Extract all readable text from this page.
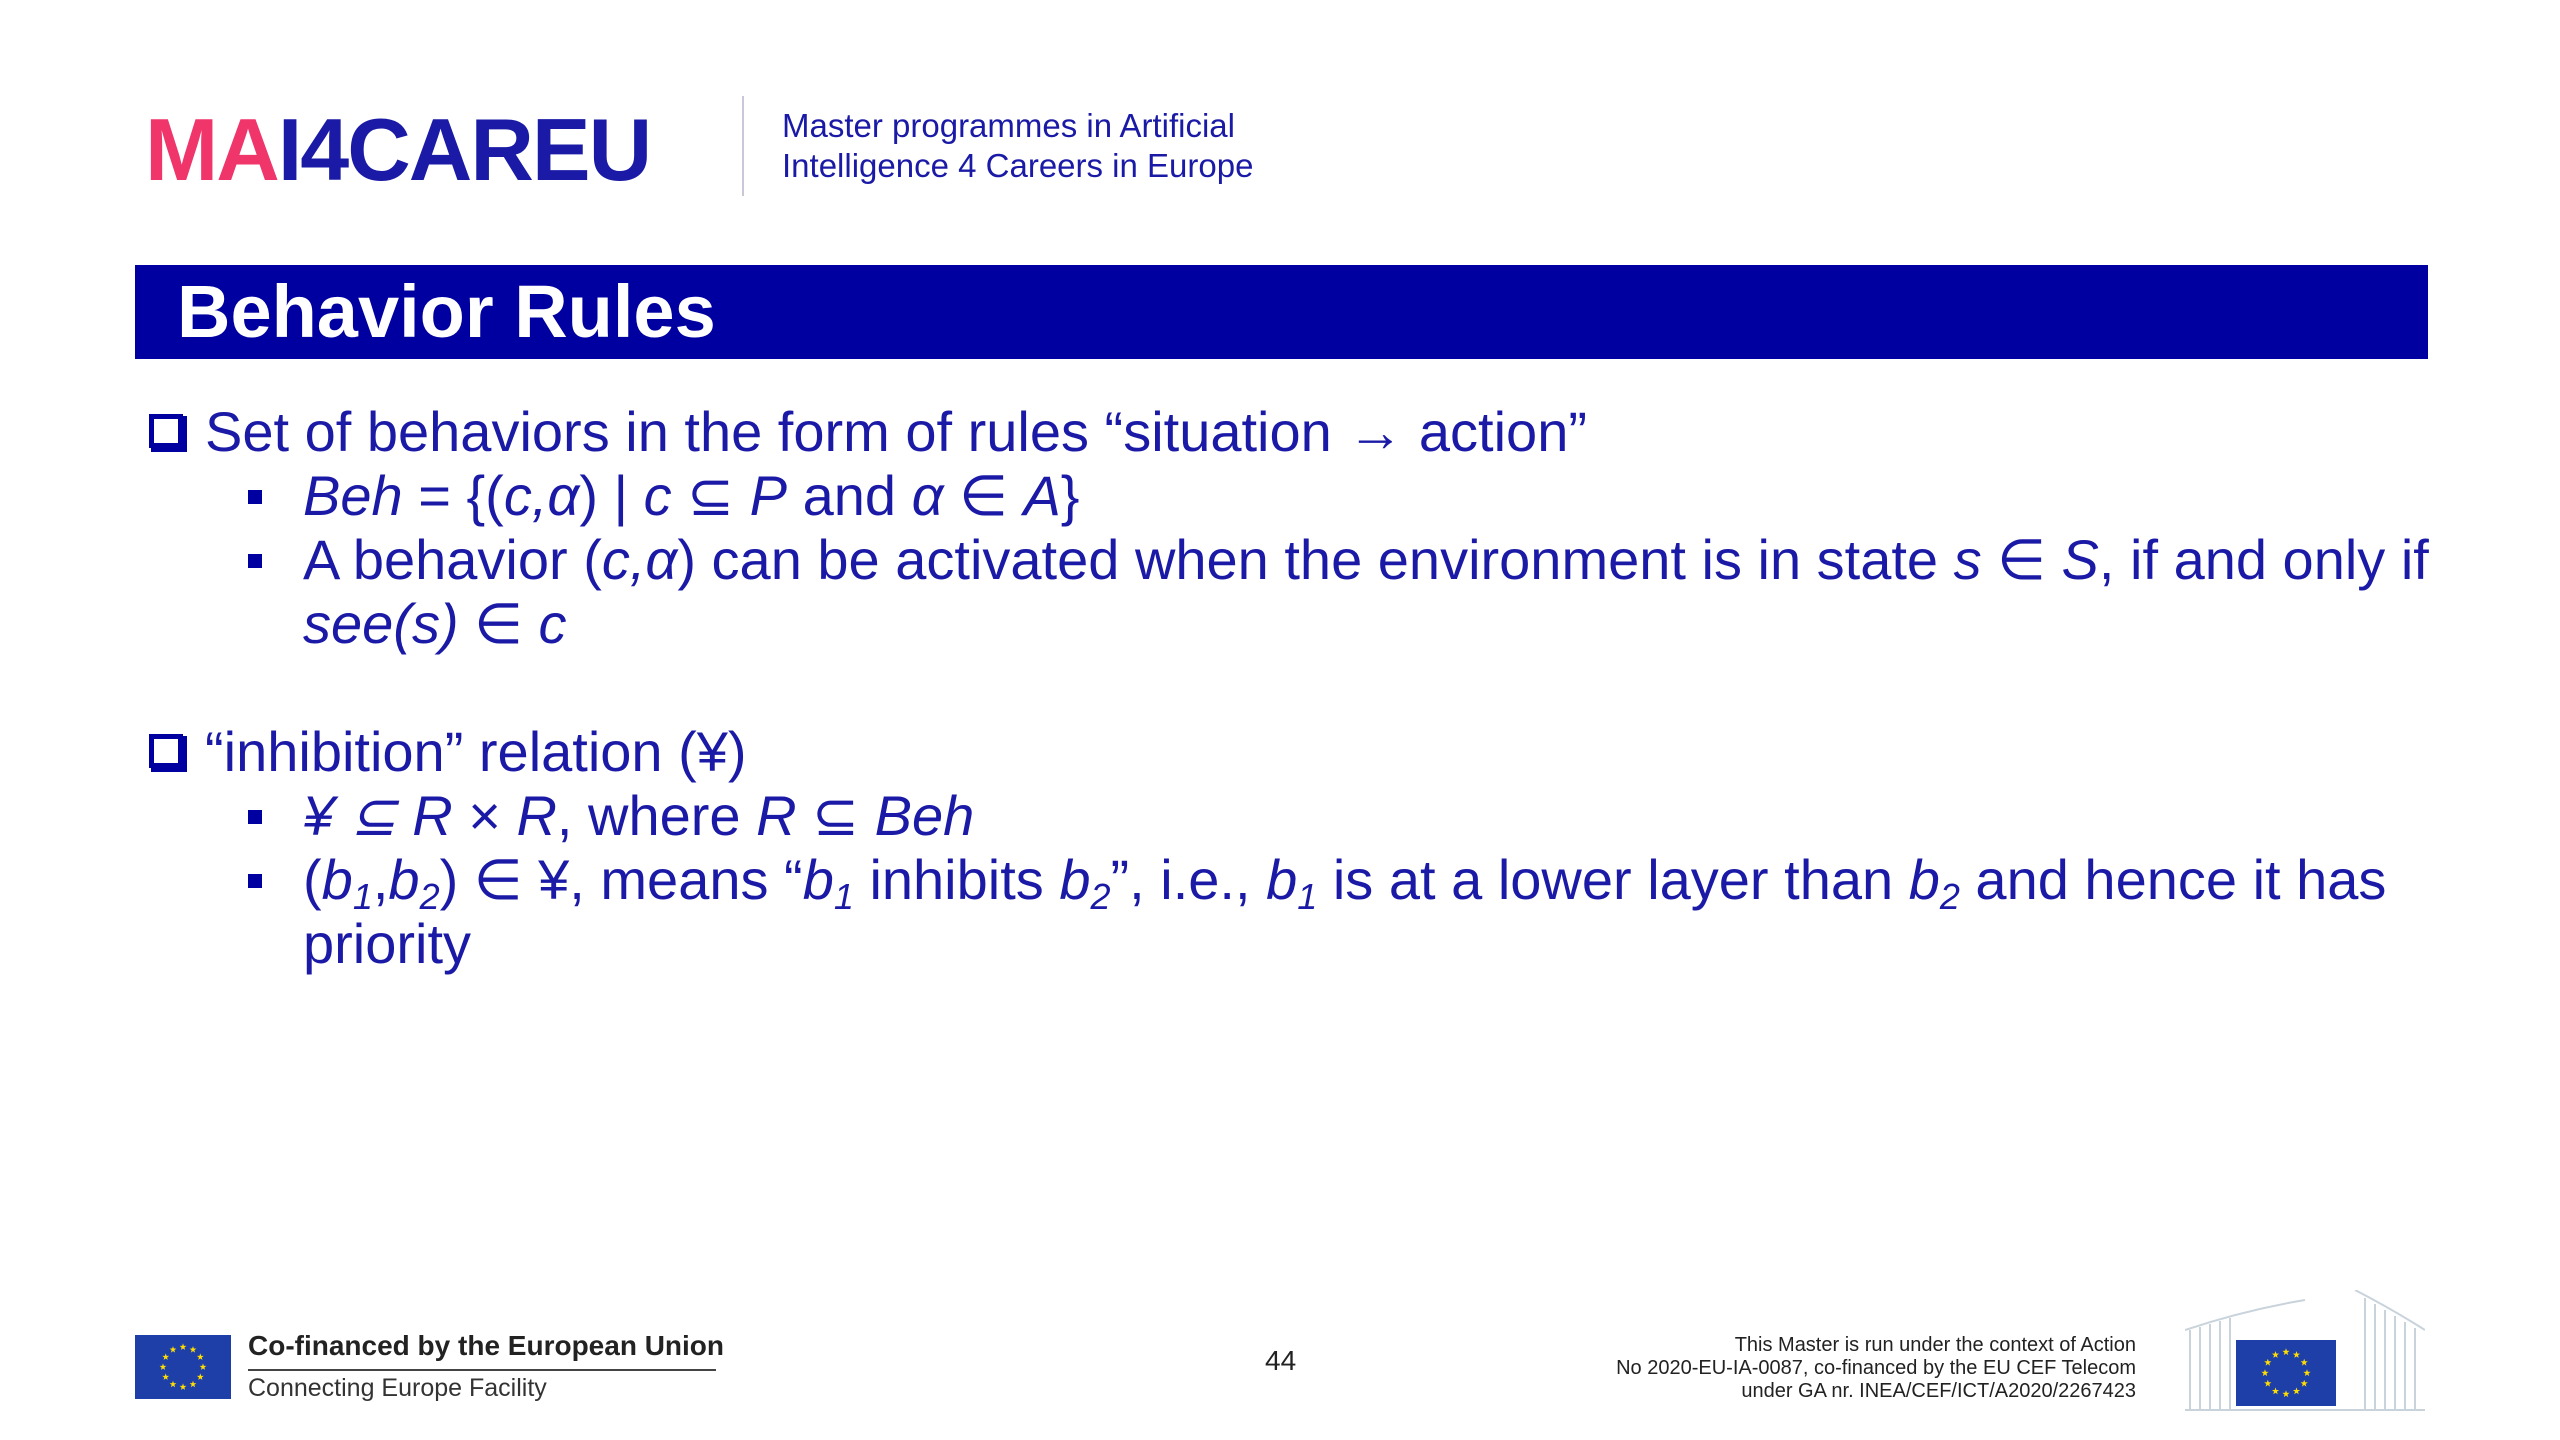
MAI4CAREU	Master programmes in Artificial
Intelligence 4 Careers in Europe
Behavior Rules

Set of behaviors in the form of rules “situation → action”

Beh = {(c,α) | c ⊆ P and α ∈ A}

A behavior (c,α) can be activated when the environment is in state s ∈ S, if and only if see(s) ∈ c

“inhibition” relation (¥)

¥ ⊆ R × R, where R ⊆ Beh

$(b_1,b_2)$ ∈ ¥, means “$b_1$ inhibits $b_2$”, i.e., $b_1$ is at a lower layer than $b_2$ and hence it has priority

Co-financed by the European Union
Connecting Europe Facility
44	This Master is run under the context of Action
No 2020-EU-IA-0087, co-financed by the EU CEF Telecom
under GA nr. INEA/CEF/ICT/A2020/2267423
